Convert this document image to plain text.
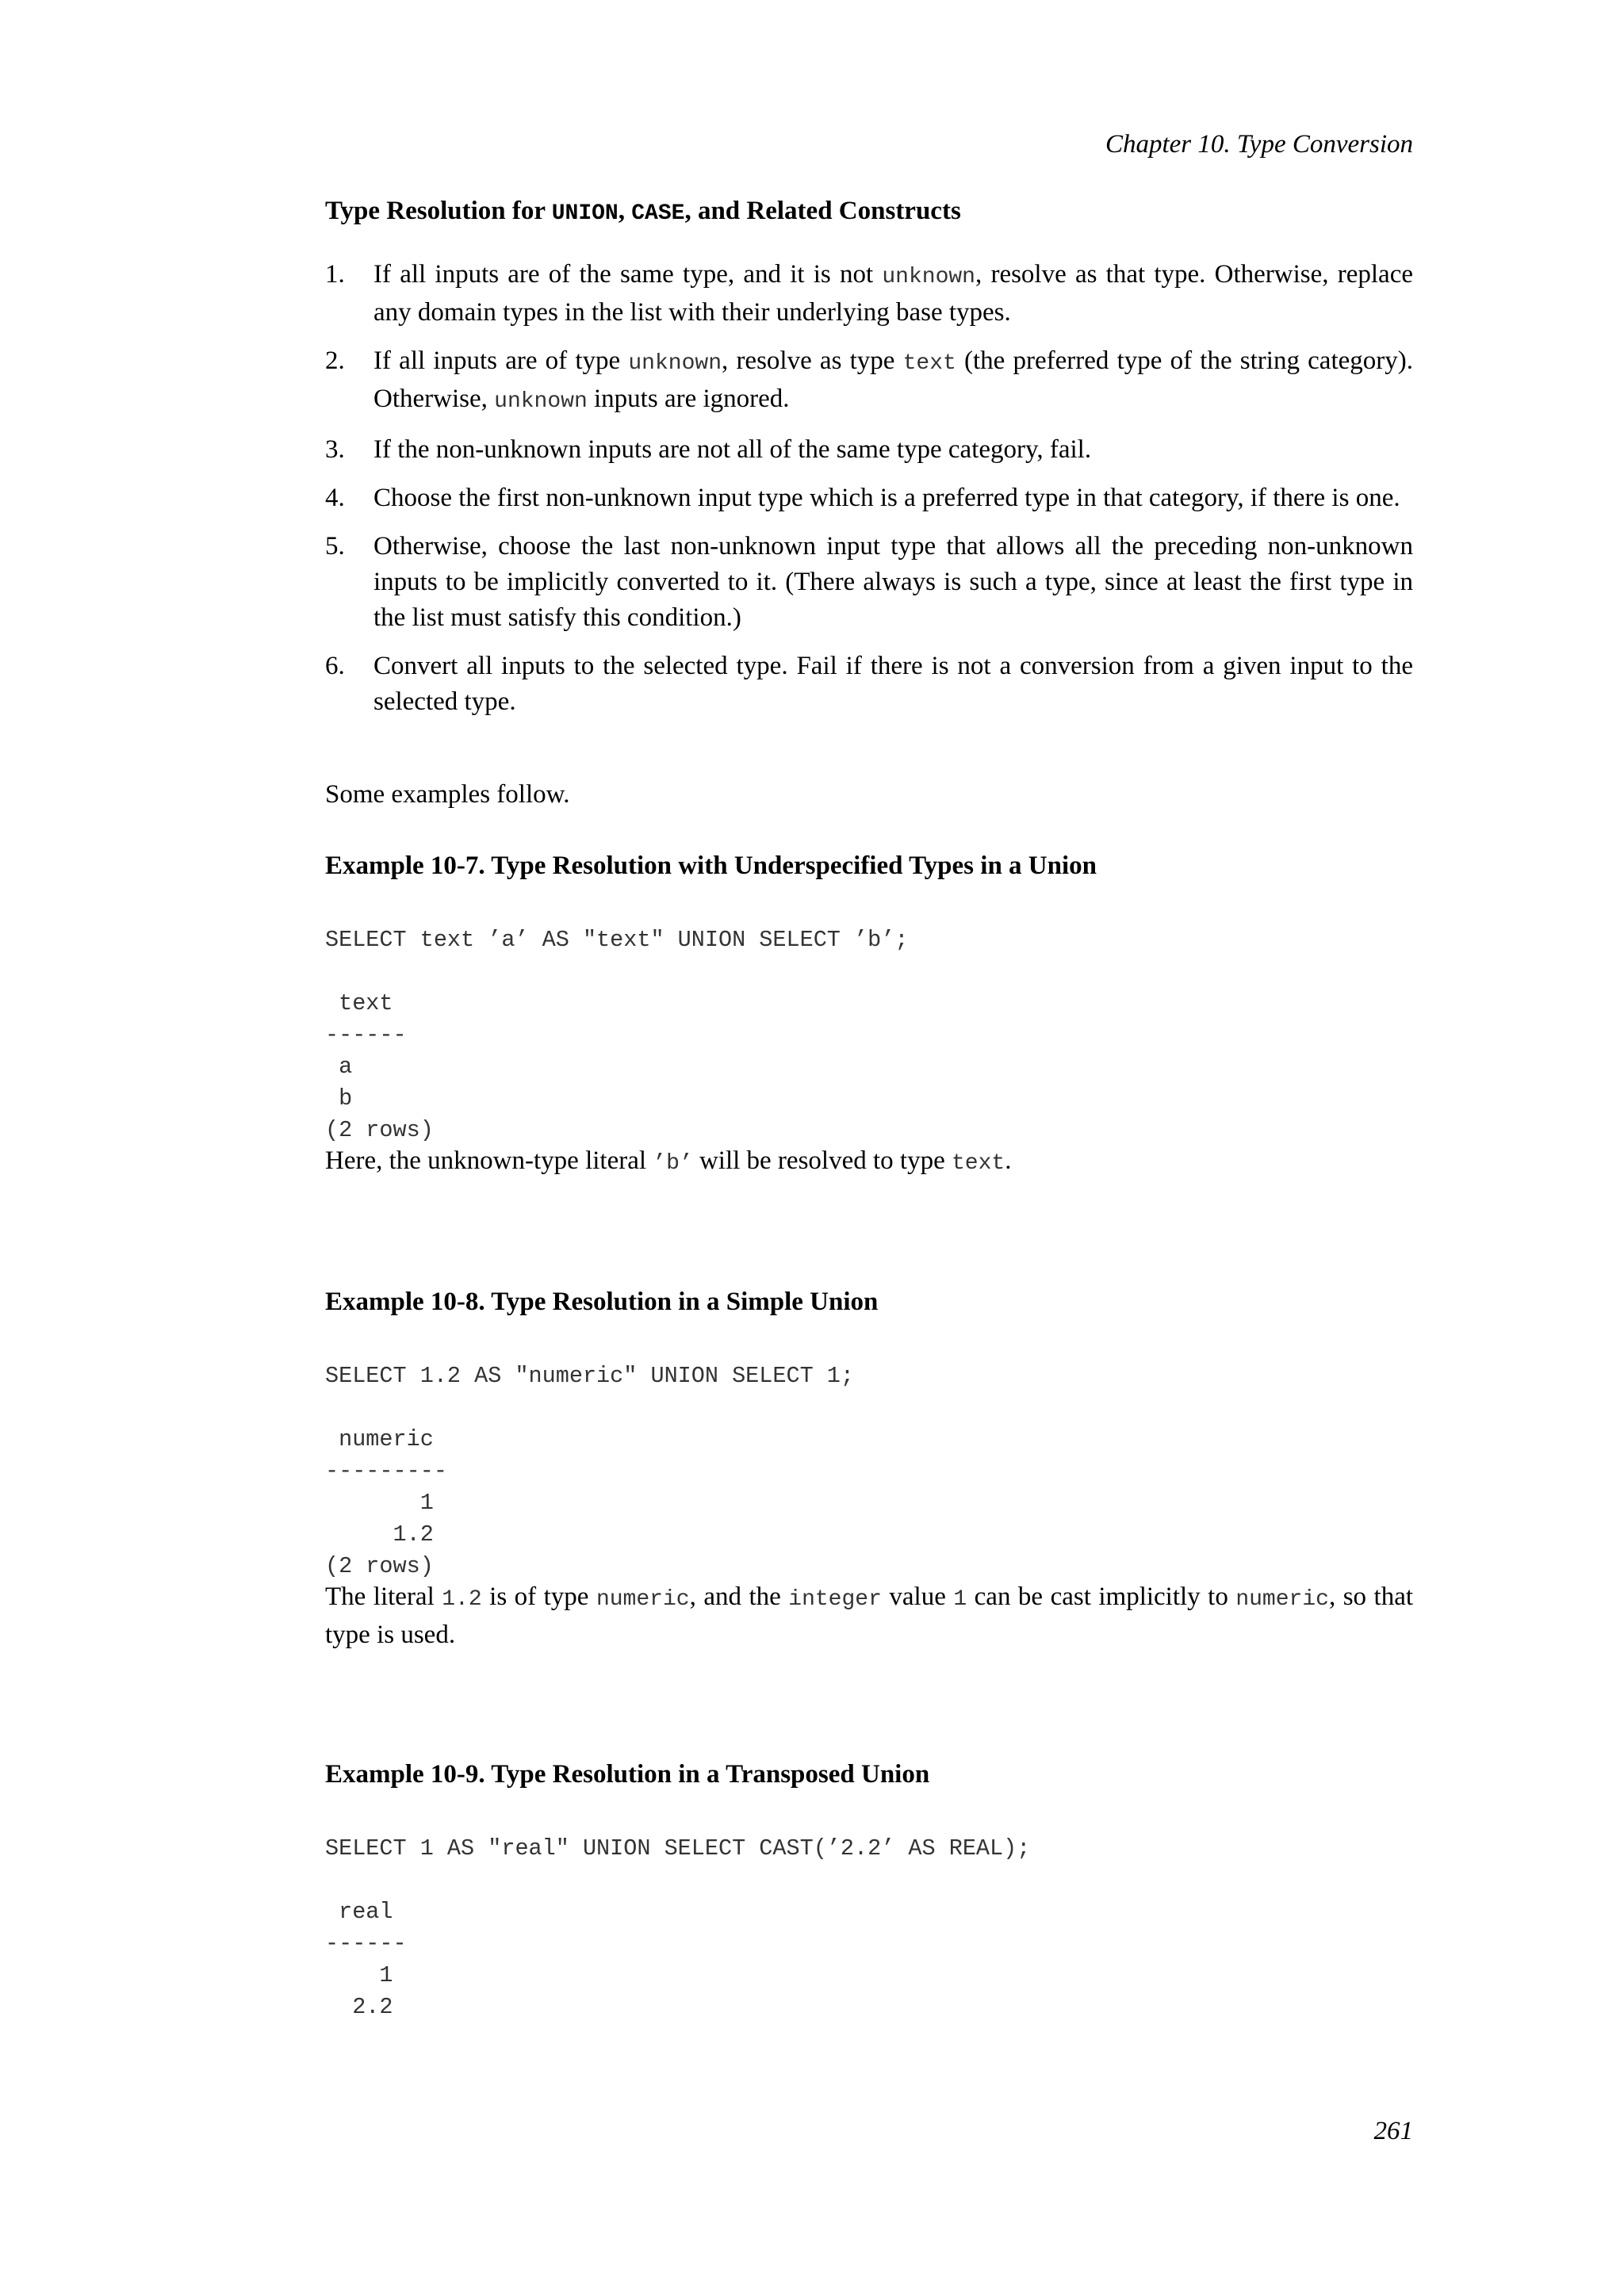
Chapter 10. Type Conversion
Type Resolution for UNION, CASE, and Related Constructs
1. If all inputs are of the same type, and it is not unknown, resolve as that type. Otherwise, replace any domain types in the list with their underlying base types.
2. If all inputs are of type unknown, resolve as type text (the preferred type of the string category). Otherwise, unknown inputs are ignored.
3. If the non-unknown inputs are not all of the same type category, fail.
4. Choose the first non-unknown input type which is a preferred type in that category, if there is one.
5. Otherwise, choose the last non-unknown input type that allows all the preceding non-unknown inputs to be implicitly converted to it. (There always is such a type, since at least the first type in the list must satisfy this condition.)
6. Convert all inputs to the selected type. Fail if there is not a conversion from a given input to the selected type.
Some examples follow.
Example 10-7. Type Resolution with Underspecified Types in a Union
SELECT text ’a’ AS "text" UNION SELECT ’b’;
text
------
a
b
(2 rows)
Here, the unknown-type literal ’b’ will be resolved to type text.
Example 10-8. Type Resolution in a Simple Union
SELECT 1.2 AS "numeric" UNION SELECT 1;
numeric
---------
1
1.2
(2 rows)
The literal 1.2 is of type numeric, and the integer value 1 can be cast implicitly to numeric, so that type is used.
Example 10-9. Type Resolution in a Transposed Union
SELECT 1 AS "real" UNION SELECT CAST(’2.2’ AS REAL);
real
------
1
2.2
261
